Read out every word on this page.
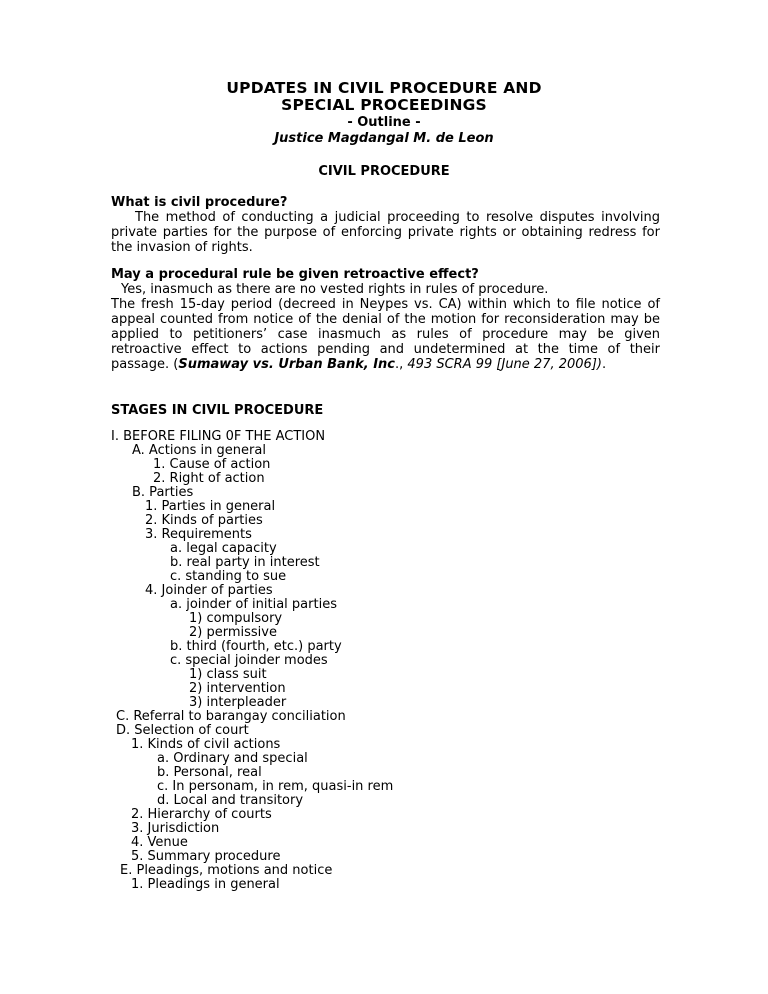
UPDATES IN CIVIL PROCEDURE AND
SPECIAL PROCEEDINGS
- Outline -
Justice Magdangal M. de Leon
CIVIL PROCEDURE
What is civil procedure?

The method of conducting a judicial proceeding to resolve disputes involving private parties for the purpose of enforcing private rights or obtaining redress for the invasion of rights.

May a procedural rule be given retroactive effect?

Yes, inasmuch as there are no vested rights in rules of procedure.

The fresh 15-day period (decreed in Neypes vs. CA) within which to file notice of appeal counted from notice of the denial of the motion for reconsideration may be applied to petitioners’ case inasmuch as rules of procedure may be given retroactive effect to actions pending and undetermined at the time of their passage. (Sumaway vs. Urban Bank, Inc., 493 SCRA 99 [June 27, 2006]).

STAGES IN CIVIL PROCEDURE
I. BEFORE FILING 0F THE ACTION
A. Actions in general
1. Cause of action
2. Right of action
B. Parties
1. Parties in general
2. Kinds of parties
3. Requirements
a. legal capacity
b. real party in interest
c. standing to sue
4. Joinder of parties
a. joinder of initial parties
1) compulsory
2) permissive
b. third (fourth, etc.) party
c. special joinder modes
1) class suit
2) intervention
3) interpleader
C. Referral to barangay conciliation
D. Selection of court
1. Kinds of civil actions
a. Ordinary and special
b. Personal, real
c. In personam, in rem, quasi-in rem
d. Local and transitory
2. Hierarchy of courts
3. Jurisdiction
4. Venue
5. Summary procedure
E. Pleadings, motions and notice
1. Pleadings in general
